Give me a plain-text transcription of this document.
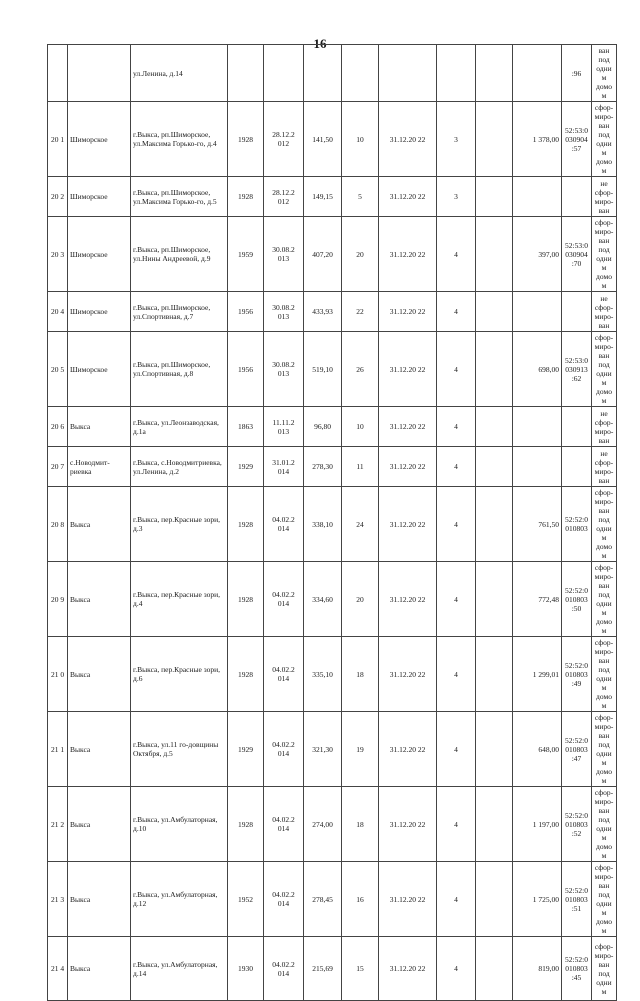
16
		ул.Ленина, д.14									:96	ван под одним домом
20 1	Шиморское	г.Выкса, рп.Шиморское, ул.Максима Горько-го, д.4	1928	28.12.2 012	141,50	10	31.12.20 22	3		1 378,00	52:53:0 030904 :57	сфор-миро-ван под одним домом
20 2	Шиморское	г.Выкса, рп.Шиморское, ул.Максима Горько-го, д.5	1928	28.12.2 012	149,15	5	31.12.20 22	3				не сфор-миро-ван
20 3	Шиморское	г.Выкса, рп.Шиморское, ул.Нины Андреевой, д.9	1959	30.08.2 013	407,20	20	31.12.20 22	4		397,00	52:53:0 030904 :70	сфор-миро-ван под одним домом
20 4	Шиморское	г.Выкса, рп.Шиморское, ул.Спортивная, д.7	1956	30.08.2 013	433,93	22	31.12.20 22	4				не сфор-миро-ван
20 5	Шиморское	г.Выкса, рп.Шиморское, ул.Спортивная, д.8	1956	30.08.2 013	519,10	26	31.12.20 22	4		698,00	52:53:0 030913 :62	сфор-миро-ван под одним домом
20 6	Выкса	г.Выкса, ул.Леонзаводская, д.1а	1863	11.11.2 013	96,80	10	31.12.20 22	4				не сфор-миро-ван
20 7	с.Новодмит-риевка	г.Выкса, с.Новодмитриевка, ул.Ленина, д.2	1929	31.01.2 014	278,30	11	31.12.20 22	4				не сфор-миро-ван
20 8	Выкса	г.Выкса, пер.Красные зори, д.3	1928	04.02.2 014	338,10	24	31.12.20 22	4		761,50	52:52:0 010803	сфор-миро-ван под одним домом
20 9	Выкса	г.Выкса, пер.Красные зори, д.4	1928	04.02.2 014	334,60	20	31.12.20 22	4		772,48	52:52:0 010803 :50	сфор-миро-ван под одним домом
21 0	Выкса	г.Выкса, пер.Красные зори, д.6	1928	04.02.2 014	335,10	18	31.12.20 22	4		1 299,01	52:52:0 010803 :49	сфор-миро-ван под одним домом
21 1	Выкса	г.Выкса, ул.11 го-довщины Октября, д.5	1929	04.02.2 014	321,30	19	31.12.20 22	4		648,00	52:52:0 010803 :47	сфор-миро-ван под одним домом
21 2	Выкса	г.Выкса, ул.Амбулаторная, д.10	1928	04.02.2 014	274,00	18	31.12.20 22	4		1 197,00	52:52:0 010803 :52	сфор-миро-ван под одним домом
21 3	Выкса	г.Выкса, ул.Амбулаторная, д.12	1952	04.02.2 014	278,45	16	31.12.20 22	4		1 725,00	52:52:0 010803 :51	сфор-миро-ван под одним домом
21 4	Выкса	г.Выкса, ул.Амбулаторная, д.14	1930	04.02.2 014	215,69	15	31.12.20 22	4		819,00	52:52:0 010803 :45	сфор-миро-ван под одним
